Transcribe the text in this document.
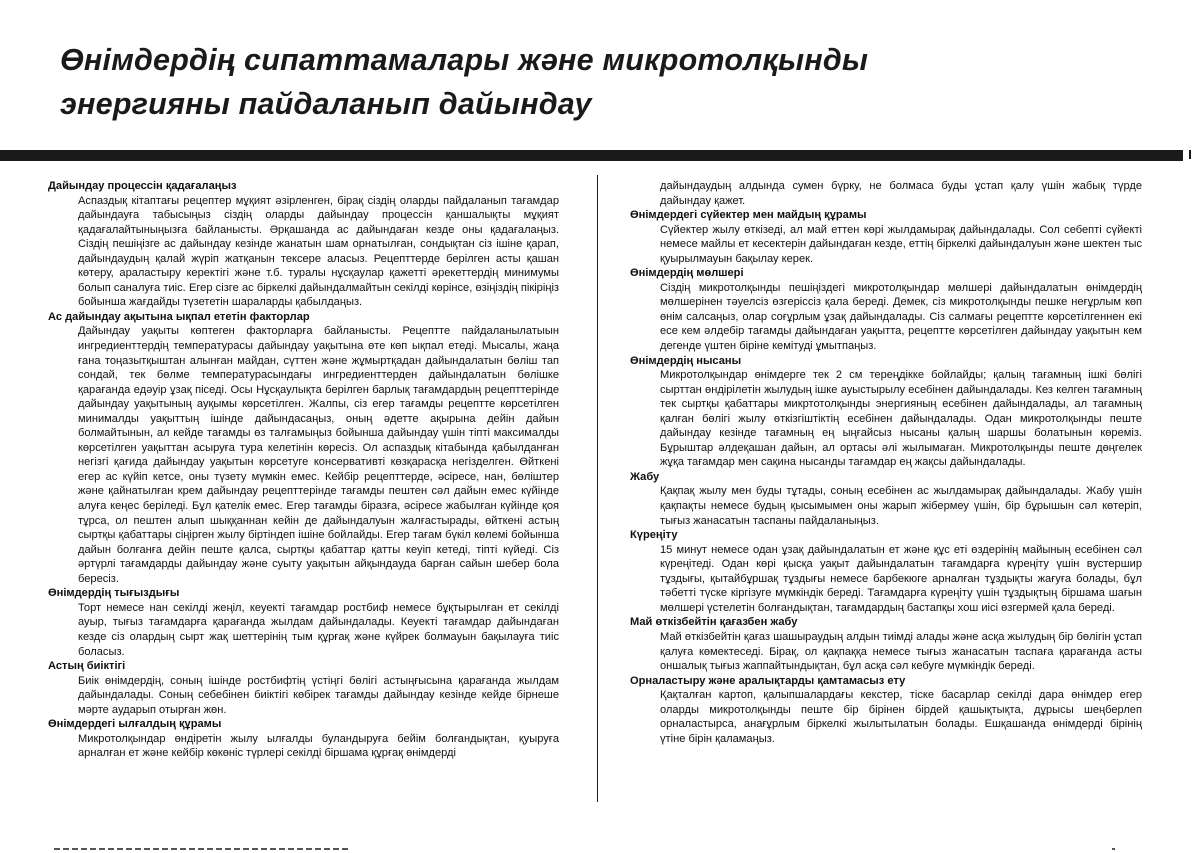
Өнімдердің сипаттамалары және микротолқынды
энергияны пайдаланып дайындау
Дайындау процессін қадағалаңыз

Аспаздық кітаптағы рецептер мұқият әзірленген, бірақ сіздің оларды пайдаланып тағамдар дайындауға табысыңыз сіздің оларды дайындау процессін қаншалықты мұқият қадағалайтыныңызға байланысты. Әрқашанда ас дайындаған кезде оны қадағалаңыз. Сіздің пешіңізге ас дайындау кезінде жанатын шам орнатылған, сондықтан сіз ішіне қарап, дайындаудың қалай жүріп жатқанын тексере аласыз. Рецепттерде берілген асты қашан көтеру, араластыру керектігі және т.б. туралы нұсқаулар қажетті әрекеттердің минимумы болып саналуға тиіс. Егер сізге ас біркелкі дайындалмайтын секілді көрінсе, өзіңіздің пікіріңіз бойынша жағдайды түзететін шараларды қабылдаңыз.

Ас дайындау ақытына ықпал ететін факторлар

Дайындау уақыты көптеген факторларға байланысты. Рецептте пайдаланылатыын ингредиенттердің температурасы дайындау уақытына өте көп ықпал етеді. Мысалы, жаңа ғана тоңазытқыштан алынған майдан, сүттен және жұмыртқадан дайындалатын бөліш тап сондай, тек бөлме температурасындағы ингредиенттерден дайындалатын бөлішке қарағанда едәуір ұзақ піседі. Осы Нұсқаулықта берілген барлық тағамдардың рецепттерінде дайындау уақытының ауқымы көрсетілген. Жалпы, сіз егер тағамды рецептте көрсетілген минималды уақыттың ішінде дайындасаңыз, оның әдетте ақырына дейін дайын болмайтынын, ал кейде тағамды өз талғамыңыз бойынша дайындау үшін тіпті максималды көрсетілген уақыттан асыруға тура келетінін көресіз. Ол аспаздық кітабында қабылданған негізгі қағида дайындау уақытын көрсетуге консервативті көзқарасқа негізделген. Өйткені егер ас күйіп кетсе, оны түзету мүмкін емес. Кейбір рецепттерде, әсіресе, нан, бөліштер және қайнатылған крем дайындау рецепттерінде тағамды пештен сәл дайын емес күйінде алуға кеңес беріледі. Бұл қателік емес. Егер тағамды біразға, әсіресе жабылған күйінде қоя тұрса, ол пештен алып шыққаннан кейін де дайындалуын жалғастырады, өйткені астың сыртқы қабаттары сіңірген жылу біртіндеп ішіне бойлайды. Егер тағам бүкіл көлемі бойынша дайын болғанға дейін пеште қалса, сыртқы қабаттар қатты кеуіп кетеді, тіпті күйеді. Сіз әртүрлі тағамдарды дайындау және суыту уақытын айқындауда барған сайын шебер бола бересіз.

Өнімдердің тығыздығы

Торт немесе нан секілді жеңіл, кеуекті тағамдар ростбиф немесе бұқтырылған ет секілді ауыр, тығыз тағамдарға қарағанда жылдам дайындалады. Кеуекті тағамдар дайындаған кезде сіз олардың сырт жақ шеттерінің тым құрғақ және күйрек болмауын бақылауға тиіс боласыз.

Астың биіктігі

Биік өнімдердің, соның ішінде ростбифтің үстіңгі бөлігі астыңғысына қарағанда жылдам дайындалады. Соның себебінен биіктігі көбірек тағамды дайындау кезінде кейде бірнеше мәрте аударып отырған жөн.

Өнімдердегі ылғалдың құрамы

Микротолқындар өндіретін жылу ылғалды буландыруға бейім болғандықтан, қуыруға арналған ет және кейбір көкөніс түрлері секілді біршама құрғақ өнімдерді

дайындаудың алдында сумен бүрку, не болмаса буды ұстап қалу үшін жабық түрде дайындау қажет.

Өнімдердегі сүйектер мен майдың құрамы

Сүйектер жылу өткізеді, ал май еттен көрі жылдамырақ дайындалады. Сол себепті сүйекті немесе майлы ет кесектерін дайындаған кезде, еттің біркелкі дайындалуын және шектен тыс қуырылмауын бақылау керек.

Өнімдердің мөлшері

Сіздің микротолқынды пешіңіздегі микротолқындар мөлшері дайындалатын өнімдердің мөлшерінен тәуелсіз өзгеріссіз қала береді. Демек, сіз микротолқынды пешке неғұрлым көп өнім салсаңыз, олар соғұрлым ұзақ дайындалады. Сіз салмағы рецептте көрсетілгеннен екі есе кем әлдебір тағамды дайындаған уақытта, рецептте көрсетілген дайындау уақытын кем дегенде үштен біріне кемітуді ұмытпаңыз.

Өнімдердің нысаны

Микротолқындар өнімдерге тек 2 см тереңдікке бойлайды; қалың тағамның ішкі бөлігі сырттан өндірілетін жылудың ішке ауыстырылу есебінен дайындалады. Кез келген тағамның тек сыртқы қабаттары микртотолқынды энергияның есебінен дайындалады, ал тағамның қалған бөлігі жылу өткізгіштіктің есебінен дайындалады. Одан микротолқынды пеште дайындау кезінде тағамның ең ыңғайсыз нысаны қалың шаршы болатынын көреміз. Бұрыштар әлдеқашан дайын, ал ортасы әлі жылымаған. Микротолқынды пеште дөңгелек жұқа тағамдар мен сақина нысанды тағамдар ең жақсы дайындалады.

Жабу

Қақпақ жылу мен буды тұтады, соның есебінен ас жылдамырақ дайындалады. Жабу үшін қақпақты немесе будың қысымымен оны жарып жібермеу үшін, бір бұрышын сәл көтеріп, тығыз жанасатын таспаны пайдаланыңыз.

Күреңіту

15 минут немесе одан ұзақ дайындалатын ет және құс еті өздерінің майының есебінен сәл күреңітеді. Одан көрі қысқа уақыт дайындалатын тағамдарға күреңіту үшін вустершир тұздығы, қытайбұршақ тұздығы немесе барбекюге арналған тұздықты жағуға болады, бұл тәбетті түске кіргізуге мүмкіндік береді. Тағамдарға күреңіту үшін тұздықтың біршама шағын мөлшері үстелетін болғандықтан, тағамдардың бастапқы хош иісі өзгермей қала береді.

Май өткізбейтін қағазбен жабу

Май өткізбейтін қағаз шашыраудың алдын тиімді алады және асқа жылудың бір бөлігін ұстап қалуға көмектеседі. Бірақ, ол қақпаққа немесе тығыз жанасатын таспаға қарағанда асты оншалық тығыз жаппайтындықтан, бұл асқа сәл кебуге мүмкіндік береді.

Орналастыру және аралықтарды қамтамасыз ету

Қақталған картоп, қалыпшалардағы кекстер, тіске басарлар секілді дара өнімдер егер оларды микротолқынды пеште бір бірінен бірдей қашықтықта, дұрысы шеңберлеп орналастырса, анағұрлым біркелкі жылытылатын болады. Ешқашанда өнімдерді бірінің үтіне бірін қаламаңыз.
